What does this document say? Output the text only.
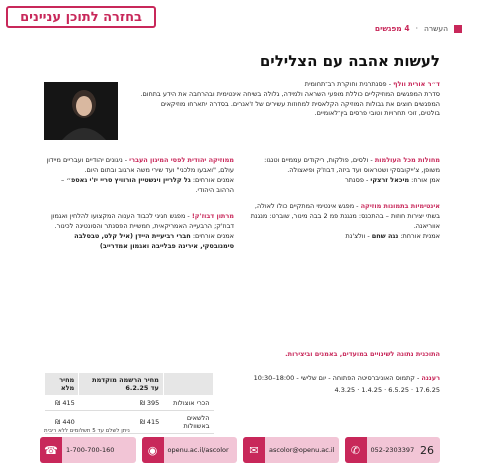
בחזרה לתוכן עניינים
העשרה
·
4 מפגשים
לעשות אהבה עם הצלילים
ד״ר אורית וולף - פסנתרנית וחוקרת רב־תחומית
סדרת המפגשים המוזיקליים כוללת מופעי השראה ולמידה, גלולה בשיחה אינטימית ובהרחבה את הידע בתחום. המפגשים חוצים את גבולות המוזיקה הקלאסית למחוזות עשירים של ז'אנרים. בסדרה יתארחו מוזיקאים בולטים, זוכי תחרויות וטובי פרסים בין־לאומיים.
מחולות מכל העולמות - ולסים, פולקות, ריקודים עממיים וטנגו: משופן, צ'ייקובסקי ושטראוס ועד ביזה, דבוז'ק ופיאצולה.
אמן אורח: מיכאל זרצקי - פסנתר
אינטימיות בתמונות מוזיקה - מפגש אינטימי המתקיים כולו לאולה, בשתי יצירות חוזות – בהתכנס: מנגנת פמ 2 בבה מינור, שוברט: מנגנת אווריאנה.
אמנית אורחת: נגה שחם - וולצ'נת
ממוזיקה יהודית לפסי המיגון העברי - ניגונים יהודיים ועבריים מיידון עולם, "ואבעו מלכני" ועד שירי משה ארגוב ובתום היום.
אמנים אורחים: גל קלריין וינשטיין הורוויץ סריי יז'י גאספ״ – הרהוב היהודי.
מרתון דבוז'ק! - מפגש חגיגי לכבוד הענוה המקצועו להלחין ואגמון דבוז'ק; הרבעייה האמריקאית, חמשיית הפסנתר והסונטינה לכינור.
אמנים אורחים: חברי רביעיית היידן (איל קלט, טבסלבה סימנובסקי, אירינה פבלייבה ואגמון אמדרייב)
התוכנית נתונה לשינויים במועדים, באמנים וביצירות.
רעננה - קתמוס האוניברסיטה הפתוחה - יום שלישי - 18:00–10:30
17.6.25 · 6.5.25 · 1.4.25 · 4.3.25
	מחיר הרשמה מוקדמת עד 6.2.25	מחיר מלא
הכרי אוצולות	395 ₪	415 ₪
הלשאים באשוולות	415 ₪	440 ₪
ניתן לשלם עד 5 תשלומים ללא ריבית
☎	1-700-700-160	◉	openu.ac.il/ascolor	✉	ascolor@openu.ac.il	✆	052-2303397 26
